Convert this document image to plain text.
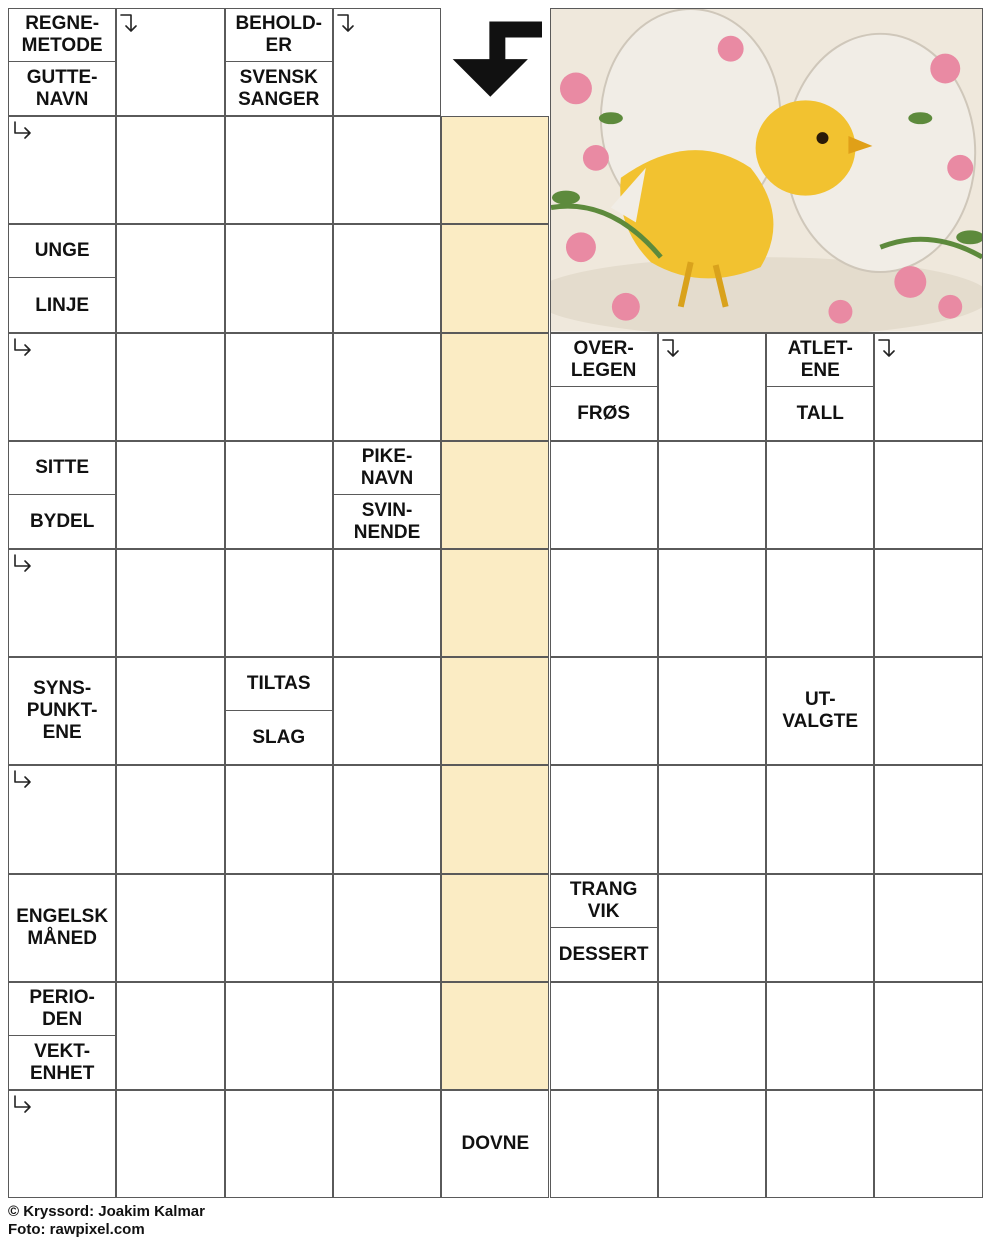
REGNE-
METODE
GUTTE-
NAVN
BEHOLD-
ER
SVENSK
SANGER
UNGE
LINJE
OVER-
LEGEN
FRØS
ATLET-
ENE
TALL
SITTE
BYDEL
PIKE-
NAVN
SVIN-
NENDE
SYNS-
PUNKT-
ENE
TILTAS
SLAG
UT-
VALGTE
ENGELSK
MÅNED
TRANG
VIK
DESSERT
PERIO-
DEN
VEKT-
ENHET
DOVNE
© Kryssord: Joakim Kalmar
Foto: rawpixel.com
